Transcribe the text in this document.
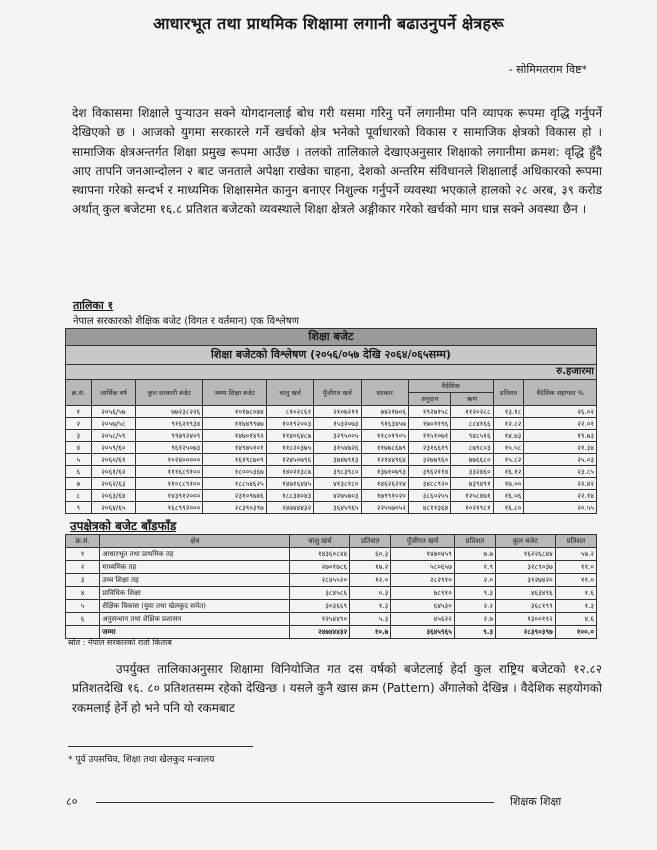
आधारभूत तथा प्राथमिक शिक्षामा लगानी बढाउनुपर्ने क्षेत्रहरू
- सोमिमतराम विष्ट*
देश विकासमा शिक्षाले पुऱ्याउन सक्ने योगदानलाई बोध गरी यसमा गरिनु पर्ने लगानीमा पनि व्यापक रूपमा वृद्धि गर्नुपर्ने देखिएको छ । आजको युगमा सरकारले गर्ने खर्चको क्षेत्र भनेको पूर्वाधारको विकास र सामाजिक क्षेत्रको विकास हो । सामाजिक क्षेत्रअन्तर्गत शिक्षा प्रमुख रूपमा आउँछ । तलको तालिकाले देखाएअनुसार शिक्षाको लगानीमा क्रमश: वृद्धि हुँदै आए तापनि जनआन्दोलन २ बाट जनताले अपेक्षा राखेका चाहना, देशको अन्तरिम संविधानले शिक्षालाई अधिकारको रूपमा स्थापना गरेको सन्दर्भ र माध्यमिक शिक्षासमेत कानुन बनाएर निशुल्क गर्नुपर्ने व्यवस्था भएकाले हालको २८ अरब, ३९ करोड अर्थात् कुल बजेटमा १६.८ प्रतिशत बजेटको व्यवस्थाले शिक्षा क्षेत्रले अङ्गीकार गरेको खर्चको माग धान्न सक्ने अवस्था छैन ।
तालिका १
नेपाल सरकारको शैक्षिक बजेट (विगत र वर्तमान) एक विश्लेषण
शिक्षा बजेट										
शिक्षा बजेटको विश्लेषण (२०५६/०५७ देखि २०६४/०६५सम्म)										
रु.हजारमा										
क्र.सं.	आर्थिक वर्ष	कुल सरकारी बजेट	जम्मा शिक्षा बजेट	चालु खर्च	पुँजीगत खर्च	सरकार	वैदेशिक		प्रतिशत	वैदेशिक सहायता %
							अनुदान	ऋण		
१	२०५६/५७	७७२३८२२६	१०१७८०७४	८१०२८६१	२१०७२११	७४२१७०६	१९२७१५८	११२०२८८	१३.१८	२६.०२
२	२०५७/५८	९१६२१९३४	११७४९९७७	१०१९२००३	१५३२०७३	९१६३४५७	१७०११९६	८८४१६६	१२.८२	२२.०१
३	२०५८/५९	९९७९२४०९	१४७०१४९२	११४०६४८७	३२९५००५	११८०१९०५	१९५१०७१	९४८५१६	१४.७३	१९.७३
४	२०५९/६०	९६१२५०७३	१४९७५१०१	११८२०३७५	३१५४७२६	११७७८६७९	२३१६६१९	८७९८०३	१५.५८	२१.३४
५	२०६०/६१	१०२४०००००	१६१९८७०९	१२४५०७९६	३७४७९१३	१२१४४९६४	३२७७९६०	७७६६८०	१५.८२	२५.०३
६	२०६१/६२	१११६८९१००	१८००५३६७	१४०२१३८७	३९८३९८०	१३७१०७९३	३९६२११४	३३२४६०	१६.१२	२३.८५
७	२०६२/६३	११०८८९१००	१८८५४६२५	१४७१६४४५	४१३८१८०	१४६२६२१४	३४८८९२०	७३९४९१	१७.००	२२.४२
८	२०६३/६४	१४३९१२०००	२३१०९७४६	१८८३४०४३	४२७५७०३	१७९९१०२०	३८६०२५५	१२५८४७१	१६.०६	२२.१४
९	२०६४/६५	१६८९९२०००	२८३९०३९७	२४७४४४३२	३६४५९६५	२२५५७०५२	४८११३६४	१०२१९८१	१६.८०	२०.५५
उपक्षेत्रको बजेट बाँडफाँड
क्र.सं.	क्षेत्र	चालु खर्च	प्रतिशत	पुँजीगत खर्च	प्रतिशत	कुल बजेट	प्रतिशत
१	आधारभूत तथा प्राथमिक तह	१४३६०८४४	६०.३	१४७०४५९	७.७	१६२२६८४४	५७.२
२	माध्यमिक तह	२७०१७८६	१७.२	५८०६५७	१.९	३२८९०३७	११.०
३	उच्च शिक्षा तह	२८४५५२०	१२.०	२८२९१०	२.०	३१२७४२०	११.०
४	प्राविधिक शिक्षा	३८४५८६	०.३	७८९१०	९.३	४६३४९६	१.६
५	शैक्षिक विकास (युवा तथा खेलकुद समेत)	३०३६६९	१.३	६४५३०	२.२	३६८१९९	१.३
६	अनुसन्धान तथा शैक्षिक प्रशासन	१२५४४९०	५.३	४५६२२	२.७	१३००११२	४.६
	जम्मा	२४७४४४३२	१०.७	३६४५९६५	९.३	२८३९०३९७	१००.०
स्रोत : नेपाल सरकारको रातो किताब
उपर्युक्त तालिकाअनुसार शिक्षामा विनियोजित गत दस वर्षको बजेटलाई हेर्दा कुल राष्ट्रिय बजेटको १२.८२ प्रतिशतदेखि १६. ८० प्रतिशतसम्म रहेको देखिन्छ । यसले कुनै खास क्रम (Pattern) अँगालेको देखिन्न । वैदेशिक सहयोगको रकमलाई हेर्ने हो भने पनि यो रकमबाट
* पूर्व उपसचिव, शिक्षा तथा खेलकुद मन्त्रालय
८०	शिक्षक शिक्षा
